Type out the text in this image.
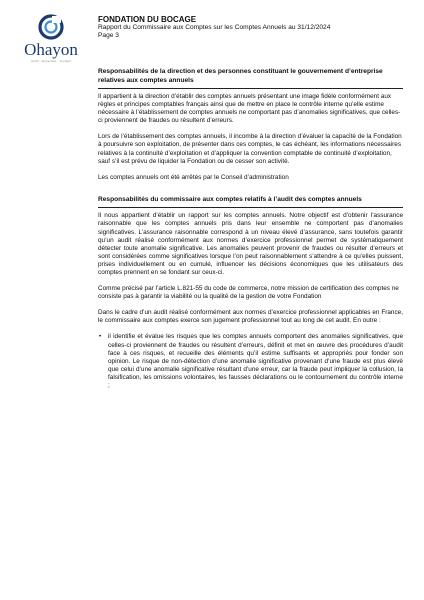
Ohayon
Audit · Expertise · Conseil
FONDATION DU BOCAGE
Rapport du Commissaire aux Comptes sur les Comptes Annuels au 31/12/2024
Page 3
Responsabilités de la direction et des personnes constituant le gouvernement d’entreprise relatives aux comptes annuels

Il appartient à la direction d’établir des comptes annuels présentant une image fidèle conformément aux règles et principes comptables français ainsi que de mettre en place le contrôle interne qu’elle estime nécessaire à l’établissement de comptes annuels ne comportant pas d’anomalies significatives, que celles-ci proviennent de fraudes ou résultent d’erreurs.

Lors de l’établissement des comptes annuels, il incombe à la direction d’évaluer la capacité de la Fondation à poursuivre son exploitation, de présenter dans ces comptes, le cas échéant, les informations nécessaires relatives à la continuité d’exploitation et d’appliquer la convention comptable de continuité d’exploitation, sauf s’il est prévu de liquider la Fondation ou de cesser son activité.

Les comptes annuels ont été arrêtés par le Conseil d’administration

Responsabilités du commissaire aux comptes relatifs à l’audit des comptes annuels

Il nous appartient d’établir un rapport sur les comptes annuels. Notre objectif est d’obtenir l’assurance raisonnable que les comptes annuels pris dans leur ensemble ne comportent pas d’anomalies significatives. L’assurance raisonnable correspond à un niveau élevé d’assurance, sans toutefois garantir qu’un audit réalisé conformément aux normes d’exercice professionnel permet de systématiquement détecter toute anomalie significative. Les anomalies peuvent provenir de fraudes ou résulter d’erreurs et sont considérées comme significatives lorsque l’on peut raisonnablement s’attendre à ce qu’elles puissent, prises individuellement ou en cumulé, influencer les décisions économiques que les utilisateurs des comptes prennent en se fondant sur ceux-ci.

Comme précisé par l’article L.821-55 du code de commerce, notre mission de certification des comptes ne consiste pas à garantir la viabilité ou la qualité de la gestion de votre Fondation

Dans le cadre d’un audit réalisé conformément aux normes d’exercice professionnel applicables en France, le commissaire aux comptes exerce son jugement professionnel tout au long de cet audit. En outre :

• il identifie et évalue les risques que les comptes annuels comportent des anomalies significatives, que celles-ci proviennent de fraudes ou résultent d’erreurs, définit et met en œuvre des procédures d’audit face à ces risques, et recueille des éléments qu’il estime suffisants et appropriés pour fonder son opinion. Le risque de non-détection d’une anomalie significative provenant d’une fraude est plus élevé que celui d’une anomalie significative résultant d’une erreur, car la fraude peut impliquer la collusion, la falsification, les omissions volontaires, les fausses déclarations ou le contournement du contrôle interne ;
